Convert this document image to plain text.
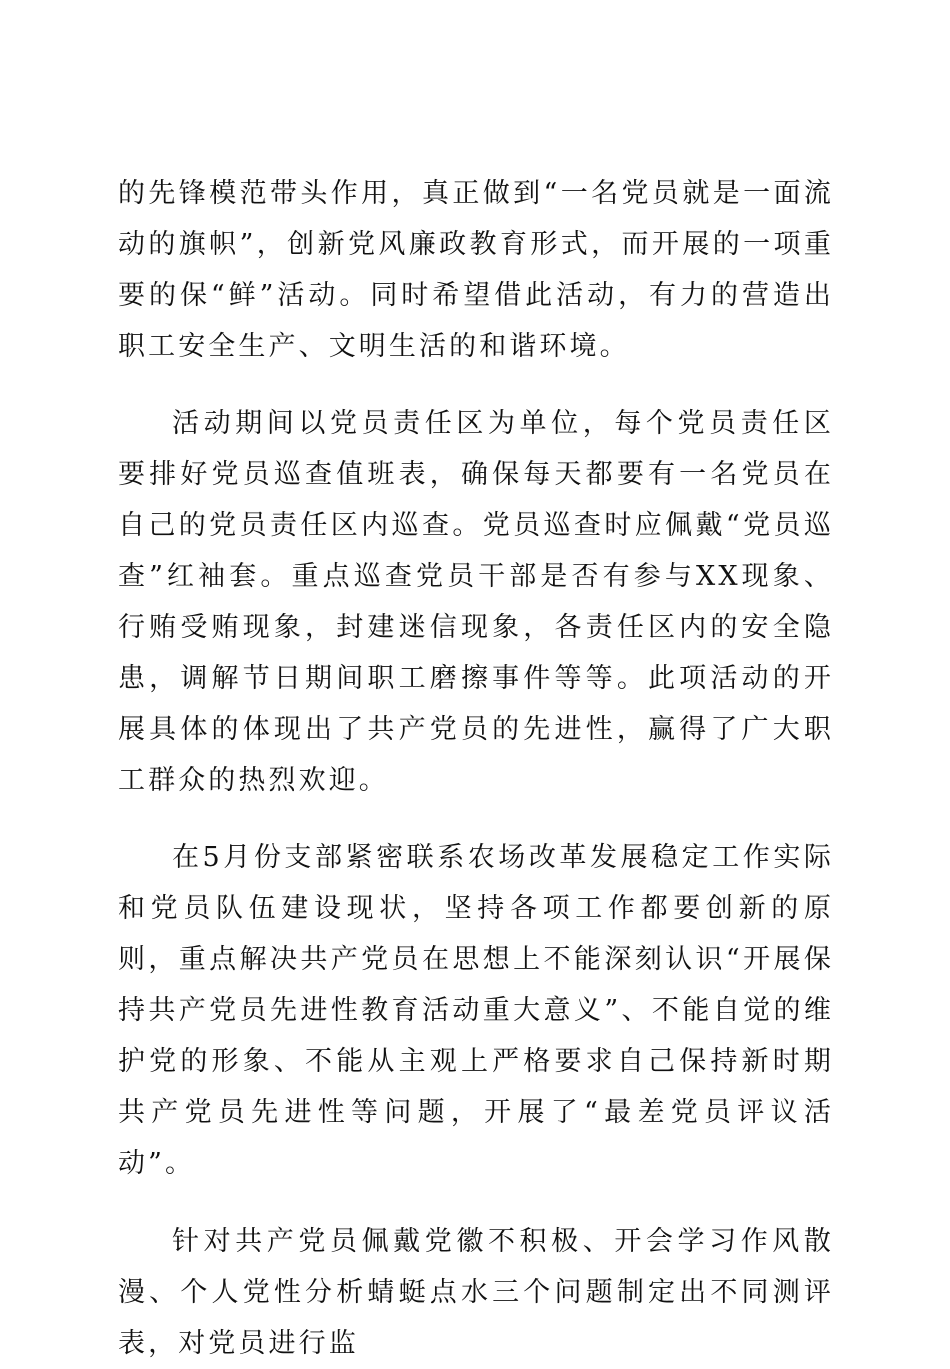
的先锋模范带头作用，真正做到“一名党员就是一面流动的旗帜”，创新党风廉政教育形式，而开展的一项重要的保“鲜”活动。同时希望借此活动，有力的营造出职工安全生产、文明生活的和谐环境。

活动期间以党员责任区为单位，每个党员责任区要排好党员巡查值班表，确保每天都要有一名党员在自己的党员责任区内巡查。党员巡查时应佩戴“党员巡查”红袖套。重点巡查党员干部是否有参与XX现象、行贿受贿现象，封建迷信现象，各责任区内的安全隐患，调解节日期间职工磨擦事件等等。此项活动的开展具体的体现出了共产党员的先进性，赢得了广大职工群众的热烈欢迎。

在5月份支部紧密联系农场改革发展稳定工作实际和党员队伍建设现状，坚持各项工作都要创新的原则，重点解决共产党员在思想上不能深刻认识“开展保持共产党员先进性教育活动重大意义”、不能自觉的维护党的形象、不能从主观上严格要求自己保持新时期共产党员先进性等问题，开展了“最差党员评议活动”。

针对共产党员佩戴党徽不积极、开会学习作风散漫、个人党性分析蜻蜓点水三个问题制定出不同测评表，对党员进行监
